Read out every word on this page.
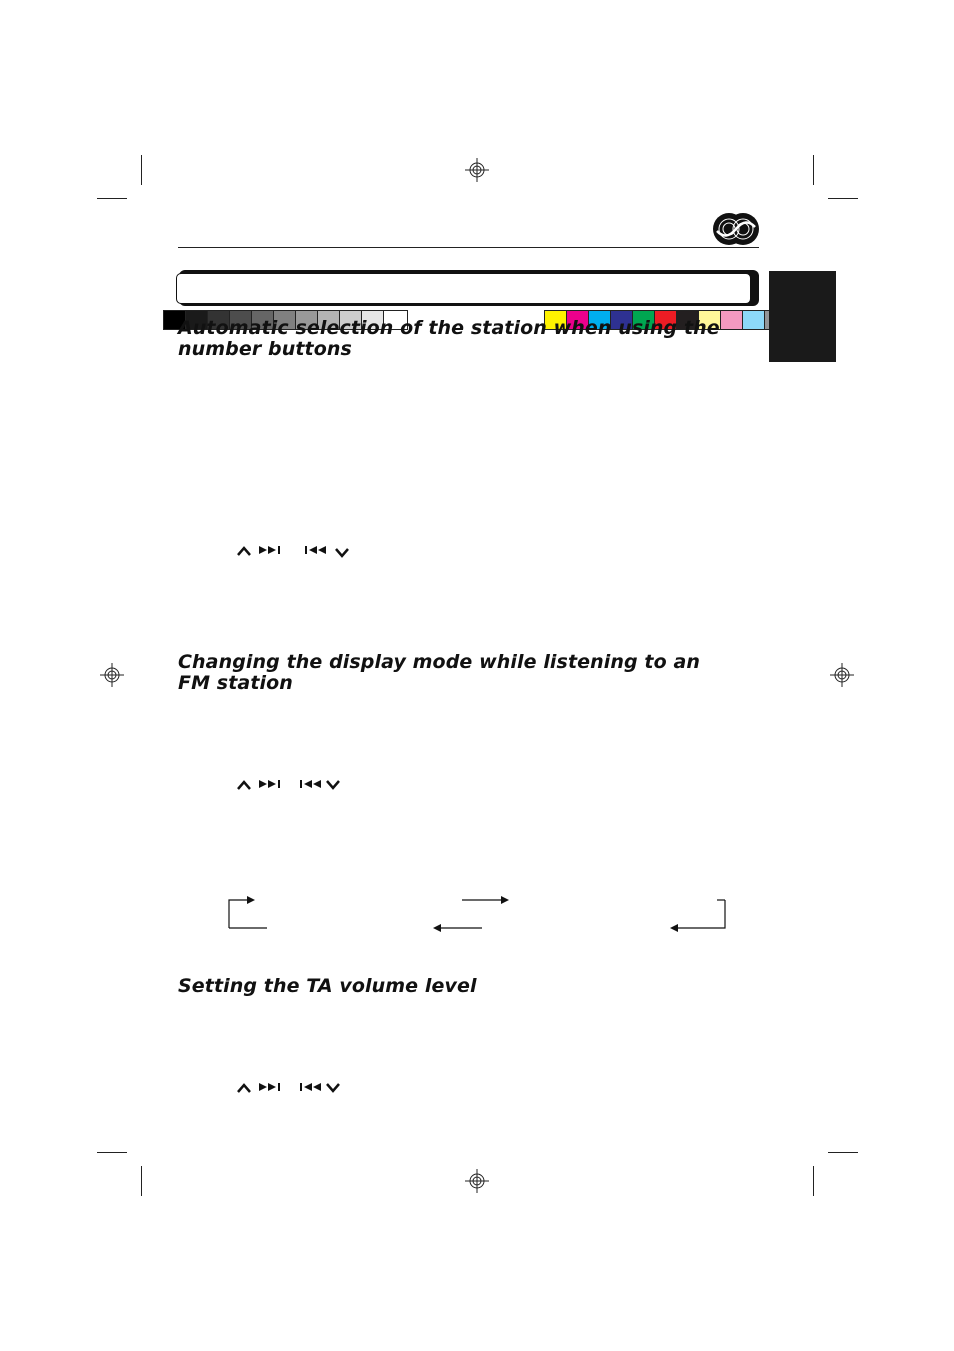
Automatic selection of the station when using the number buttons
Changing the display mode while listening to an FM station
Setting the TA volume level
